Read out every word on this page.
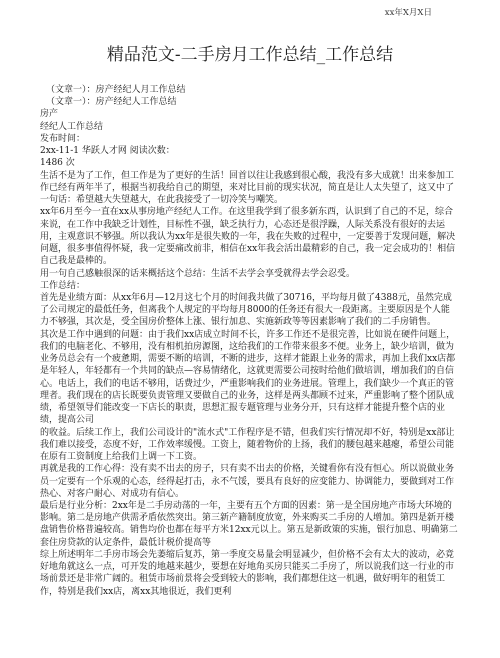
xx年X月X日
精品范文-二手房月工作总结_工作总结
（文章一）：房产经纪人月工作总结
（文章一）：房产经纪人工作总结
房产
经纪人工作总结
发布时间：
2xx-11-1 华跃人才网 阅读次数：
1486 次
生活不是为了工作，但工作是为了更好的生活！回首以往让我感到很心酸，我没有多大成就！出来参加工作已经有两年半了，根据当初我给自己的期望，来对比目前的现实状况，简直是让人太失望了，这又中了一句话：希望越大失望越大，在此我接受了一切冷笑与嘲笑。
xx年6月至今一直在xx从事房地产经纪人工作。在这里我学到了很多新东西，认识到了自己的不足，综合来说，在工作中我缺乏计划性，目标性不强，缺乏执行力，心态还是很浮躁，人际关系没有很好的去运用，主观意识不够强。所以我认为xx年是很失败的一年，我在失败的过程中，一定要善于发现问题，解决问题，很多事值得怀疑，我一定要痛改前非，相信在xx年我会活出最精彩的自己，我一定会成功的！相信自己我是最棒的。
用一句自己感触很深的话来概括这个总结：生活不去学会享受就得去学会忍受。
工作总结：
首先是业绩方面：从xx年6月—12月这七个月的时间我共做了30716，平均每月做了4388元，虽然完成了公司规定的最低任务，但离我个人规定的平均每月8000的任务还有很大一段距离。主要原因是个人能力不够强，其次是，受全国房价整体上涨、银行加息、实施新政等等因素影响了我们的二手房销售。
其次是工作中遇到的问题：由于我们xx店成立时间不长，许多工作还不是很完善，比如说在硬件问题上，我们的电脑老化、不够用，没有相机拍房源图，这给我们的工作带来很多不便。业务上，缺少培训，做为业务员总会有一个疲惫期，需要不断的培训，不断的进步，这样才能跟上业务的需求，再加上我们xx店都是年轻人，年轻都有一个共同的缺点—容易情绪化，这就更需要公司按时给他们做培训，增加我们的自信心。电话上，我们的电话不够用，话费过少，严重影响我们的业务进展。管理上，我们缺少一个真正的管理者。我们现在的店长既要负责管理又要做自己的业务，这样是两头都顾不过来，严重影响了整个团队成绩，希望领导们能改变一下店长的职责，思想汇报专题管理与业务分开，只有这样才能提升整个店的业绩，提高公司
的收益。后续工作上，我们公司设计的"流水式"工作程序是不错，但我们实行情况却不好，特别是xx部让我们难以接受，态度不好，工作效率缓慢。工资上，随着物价的上扬，我们的腰包越来越瘪，希望公司能在原有工资制度上给我们上调一下工资。
再就是我的工作心得：没有卖不出去的房子，只有卖不出去的价格，关键看你有没有恒心。所以说做业务员一定要有一个乐观的心态，经得起打击，永不气馁，要具有良好的应变能力、协调能力，要做到对工作热心、对客户耐心、对成功有信心。
最后是行业分析：2xx年是二手房动荡的一年，主要有五个方面的因素：第一是全国房地产市场大环境的影响。第二是房地产供需矛盾依然突出。第三新产籍制度放宽，外来购买二手房的人增加。第四是新开楼盘销售价格普遍较高。销售均价也都在每平方米12xx元以上。第五是新政策的实施，银行加息、明确第二套住房贷款的认定条件，最低计税价提高等
综上所述明年二手房市场会先萎缩后复苏，第一季度交易量会明显减少，但价格不会有太大的波动，必竟好地角就这么一点，可开发的地越来越少，要想在好地角买房只能买二手房了，所以说我们这一行业的市场前景还是非常广阔的。租赁市场前景将会受到较大的影响，我们都想住这一机遇，做好明年的租赁工作，特别是我们xx店，离xx其地很近，我们更利
